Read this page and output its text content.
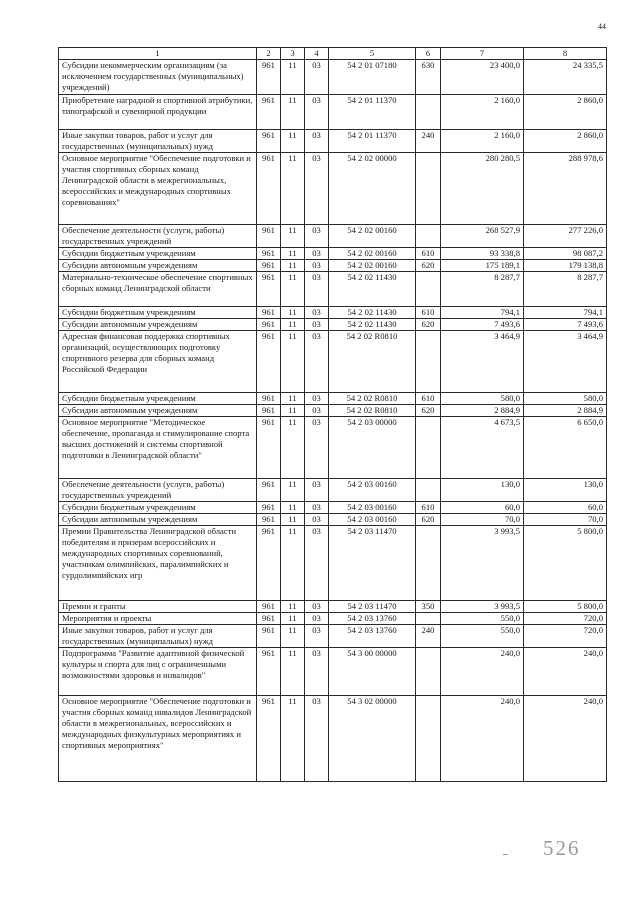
44
1	2	3	4	5	6	7	8
Субсидии некоммерческим организациям (за исключением государственных (муниципальных) учреждений)	961	11	03	54 2 01 07180	630	23 400,0	24 335,5
Приобретение наградной и спортивной атрибутики, типографской и сувенирной продукции	961	11	03	54 2 01 11370		2 160,0	2 860,0
Иные закупки товаров, работ и услуг для государственных (муниципальных) нужд	961	11	03	54 2 01 11370	240	2 160,0	2 860,0
Основное мероприятие "Обеспечение подготовки и участия спортивных сборных команд Ленинградской области в межрегиональных, всероссийских и международных спортивных соревнованиях"	961	11	03	54 2 02 00000		280 280,5	288 978,6
Обеспечение деятельности (услуги, работы) государственных учреждений	961	11	03	54 2 02 00160		268 527,9	277 226,0
Субсидии бюджетным учреждениям	961	11	03	54 2 02 00160	610	93 338,8	98 087,2
Субсидии автономным учреждениям	961	11	03	54 2 02 00160	620	175 189,1	179 138,8
Материально-техническое обеспечение спортивных сборных команд Ленинградской области	961	11	03	54 2 02 11430		8 287,7	8 287,7
Субсидии бюджетным учреждениям	961	11	03	54 2 02 11430	610	794,1	794,1
Субсидии автономным учреждениям	961	11	03	54 2 02 11430	620	7 493,6	7 493,6
Адресная финансовая поддержка спортивных организаций, осуществляющих подготовку спортивного резерва для сборных команд Российской Федерации	961	11	03	54 2 02 R0810		3 464,9	3 464,9
Субсидии бюджетным учреждениям	961	11	03	54 2 02 R0810	610	580,0	580,0
Субсидии автономным учреждениям	961	11	03	54 2 02 R0810	620	2 884,9	2 884,9
Основное мероприятие "Методическое обеспечение, пропаганда и стимулирование спорта высших достижений и системы спортивной подготовки в Ленинградской области"	961	11	03	54 2 03 00000		4 673,5	6 650,0
Обеспечение деятельности (услуги, работы) государственных учреждений	961	11	03	54 2 03 00160		130,0	130,0
Субсидии бюджетным учреждениям	961	11	03	54 2 03 00160	610	60,0	60,0
Субсидии автономным учреждениям	961	11	03	54 2 03 00160	620	70,0	70,0
Премии Правительства Ленинградской области победителям и призерам всероссийских и международных спортивных соревнований, участникам олимпийских, паралимпийских и сурдолимпийских игр	961	11	03	54 2 03 11470		3 993,5	5 800,0
Премии и гранты	961	11	03	54 2 03 11470	350	3 993,5	5 800,0
Мероприятия и проекты	961	11	03	54 2 03 13760		550,0	720,0
Иные закупки товаров, работ и услуг для государственных (муниципальных) нужд	961	11	03	54 2 03 13760	240	550,0	720,0
Подпрограмма "Развитие адаптивной физической культуры и спорта для лиц с ограниченными возможностями здоровья и инвалидов"	961	11	03	54 3 00 00000		240,0	240,0
Основное мероприятие "Обеспечение подготовки и участия сборных команд инвалидов Ленинградской области в межрегиональных, всероссийских и международных физкультурных мероприятиях и спортивных мероприятиях"	961	11	03	54 3 02 00000		240,0	240,0
– 526
